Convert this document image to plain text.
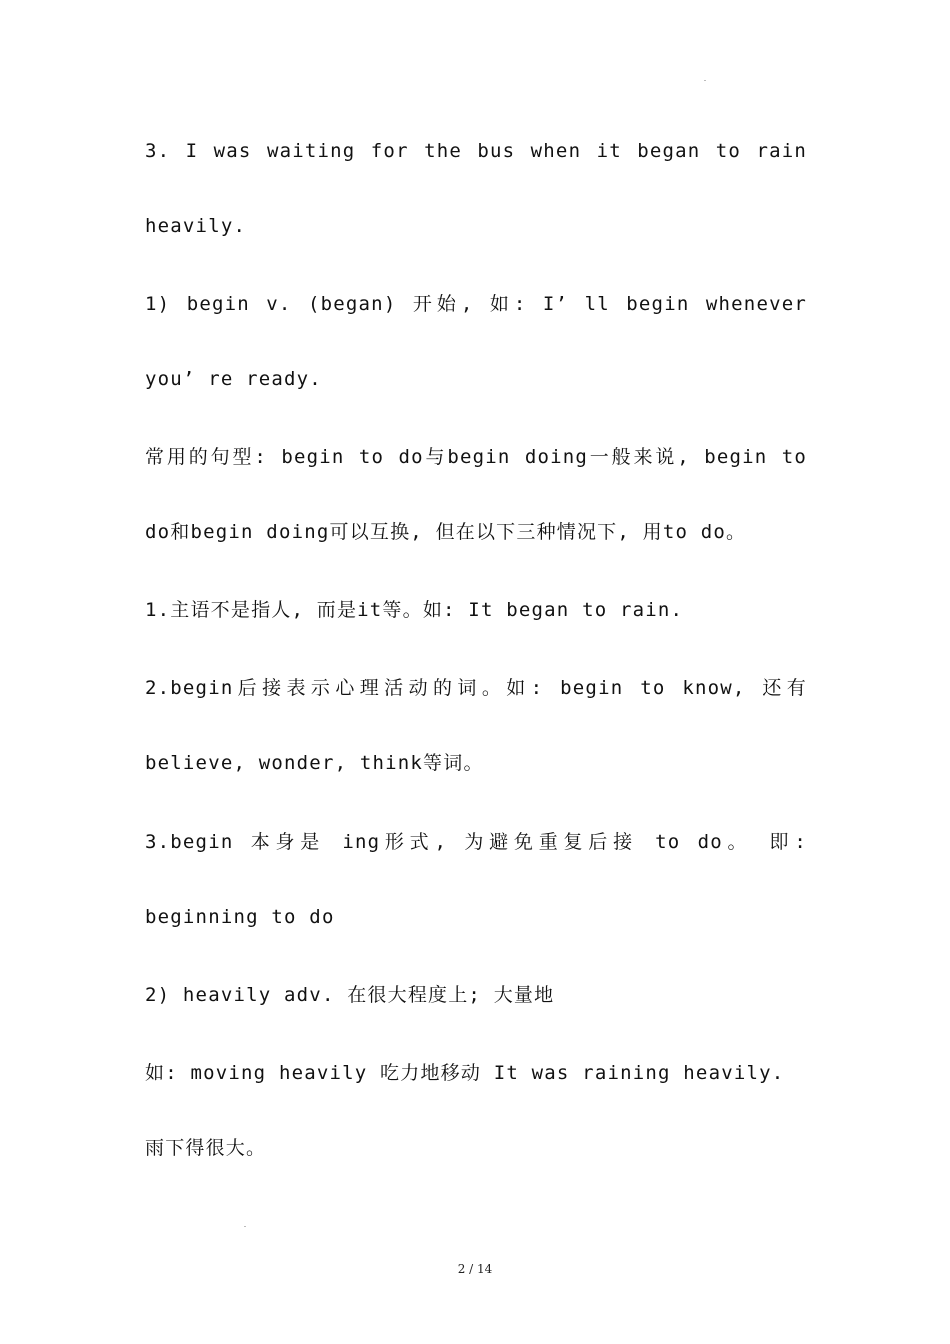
3. I was waiting for the bus when it began to rain
heavily.
1) begin v. (began) 开始, 如: I’ ll begin whenever
you’ re ready.
常用的句型: begin to do与begin doing一般来说, begin to
do和begin doing可以互换, 但在以下三种情况下, 用to do。
1.主语不是指人, 而是it等。如: It began to rain.
2.begin后接表示心理活动的词。如: begin to know, 还有
believe, wonder, think等词。
3.begin 本身是 ing形式, 为避免重复后接 to do。 即:
beginning to do
2) heavily adv. 在很大程度上; 大量地
如: moving heavily 吃力地移动 It was raining heavily.
雨下得很大。
2 / 14
